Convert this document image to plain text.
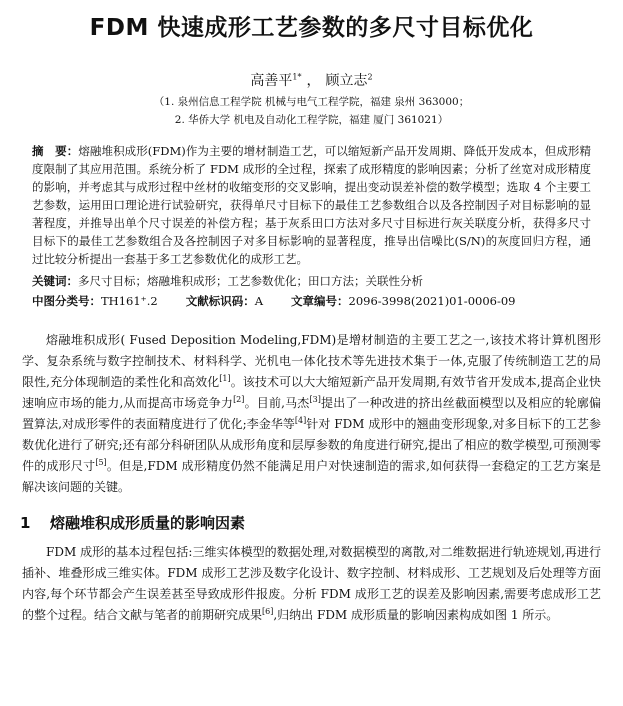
FDM 快速成形工艺参数的多尺寸目标优化
高善平$^{1*}$ ， 顾立志$^2$
（1. 泉州信息工程学院 机械与电气工程学院，福建 泉州 363000；
2. 华侨大学 机电及自动化工程学院，福建 厦门 361021）
摘　要：熔融堆积成形(FDM)作为主要的增材制造工艺，可以缩短新产品开发周期、降低开发成本，但成形精度限制了其应用范围。系统分析了 FDM 成形的全过程，探索了成形精度的影响因素；分析了丝宽对成形精度的影响，并考虑其与成形过程中丝材的收缩变形的交叉影响，提出变动误差补偿的数学模型；选取 4 个主要工艺参数，运用田口理论进行试验研究，获得单尺寸目标下的最佳工艺参数组合以及各控制因子对目标影响的显著程度，并推导出单个尺寸误差的补偿方程；基于灰系田口方法对多尺寸目标进行灰关联度分析，获得多尺寸目标下的最佳工艺参数组合及各控制因子对多目标影响的显著程度，推导出信噪比(S/N)的灰度回归方程，通过比较分析提出一套基于多工艺参数优化的成形工艺。
关键词：多尺寸目标；熔融堆积成形；工艺参数优化；田口方法；关联性分析
中图分类号：TH161⁺.2 文献标识码：A 文章编号：2096-3998(2021)01-0006-09

熔融堆积成形( Fused Deposition Modeling,FDM)是增材制造的主要工艺之一,该技术将计算机图形学、复杂系统与数字控制技术、材料科学、光机电一体化技术等先进技术集于一体,克服了传统制造工艺的局限性,充分体现制造的柔性化和高效化[1]。该技术可以大大缩短新产品开发周期,有效节省开发成本,提高企业快速响应市场的能力,从而提高市场竞争力[2]。目前,马杰[3]提出了一种改进的挤出丝截面模型以及相应的轮廓偏置算法,对成形零件的表面精度进行了优化;李金华等[4]针对 FDM 成形中的翘曲变形现象,对多目标下的工艺参数优化进行了研究;还有部分科研团队从成形角度和层厚参数的角度进行研究,提出了相应的数学模型,可预测零件的成形尺寸[5]。但是,FDM 成形精度仍然不能满足用户对快速制造的需求,如何获得一套稳定的工艺方案是解决该问题的关键。

1 熔融堆积成形质量的影响因素

FDM 成形的基本过程包括:三维实体模型的数据处理,对数据模型的离散,对二维数据进行轨迹规划,再进行插补、堆叠形成三维实体。FDM 成形工艺涉及数字化设计、数字控制、材料成形、工艺规划及后处理等方面内容,每个环节都会产生误差甚至导致成形件报废。分析 FDM 成形工艺的误差及影响因素,需要考虑成形工艺的整个过程。结合文献与笔者的前期研究成果[6],归纳出 FDM 成形质量的影响因素构成如图 1 所示。
